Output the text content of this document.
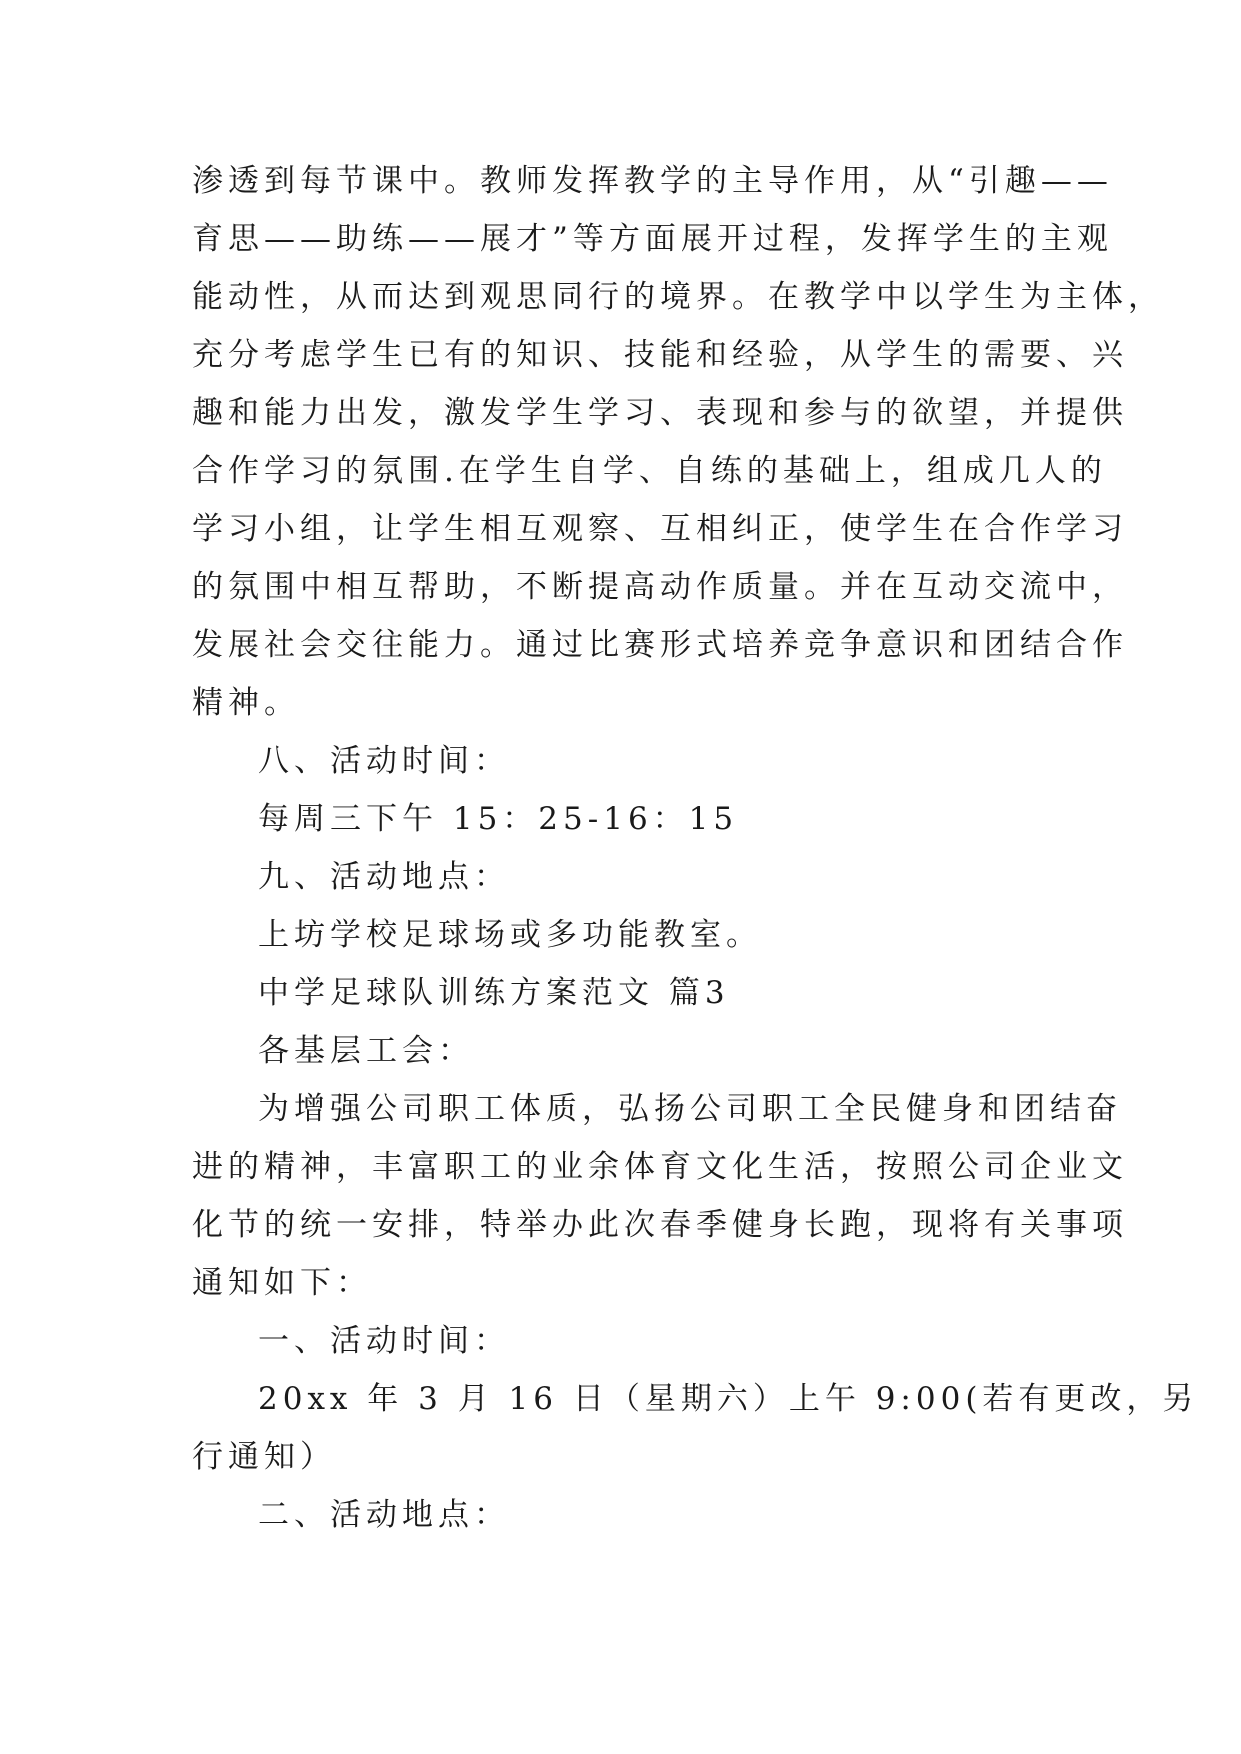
渗透到每节课中。教师发挥教学的主导作用，从“引趣——
育思——助练——展才”等方面展开过程，发挥学生的主观
能动性，从而达到观思同行的境界。在教学中以学生为主体，
充分考虑学生已有的知识、技能和经验，从学生的需要、兴
趣和能力出发，激发学生学习、表现和参与的欲望，并提供
合作学习的氛围.在学生自学、自练的基础上，组成几人的
学习小组，让学生相互观察、互相纠正，使学生在合作学习
的氛围中相互帮助，不断提高动作质量。并在互动交流中，
发展社会交往能力。通过比赛形式培养竞争意识和团结合作
精神。
八、活动时间：
每周三下午 15：25-16：15
九、活动地点：
上坊学校足球场或多功能教室。
中学足球队训练方案范文 篇3
各基层工会：
为增强公司职工体质，弘扬公司职工全民健身和团结奋
进的精神，丰富职工的业余体育文化生活，按照公司企业文
化节的统一安排，特举办此次春季健身长跑，现将有关事项
通知如下：
一、活动时间：
20xx 年 3 月 16 日（星期六）上午 9:00(若有更改，另
行通知）
二、活动地点：
